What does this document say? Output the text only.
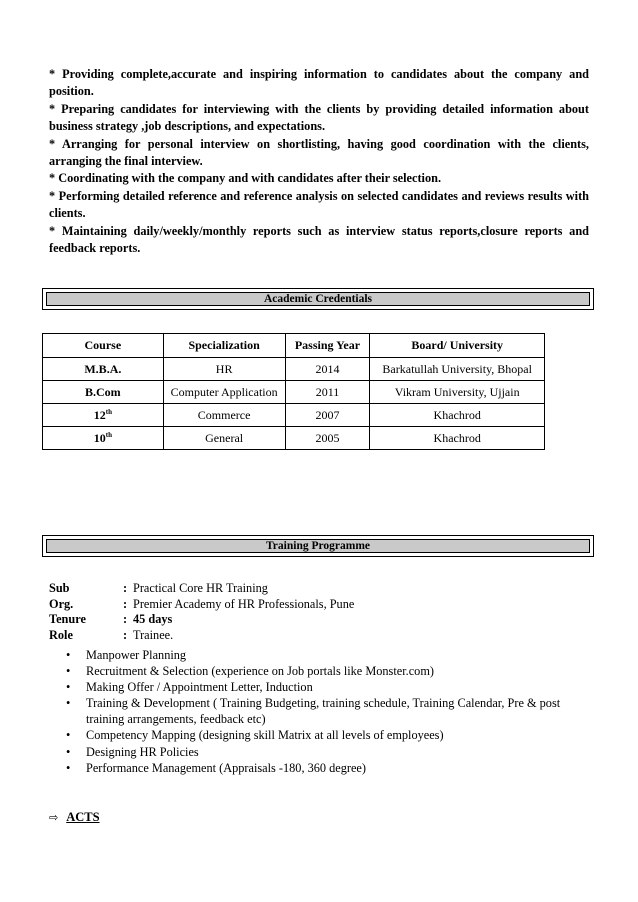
* Providing complete,accurate and inspiring information to candidates about the company and position.

* Preparing candidates for interviewing with the clients by providing detailed information about business strategy ,job descriptions, and expectations.

* Arranging for personal interview on shortlisting, having good coordination with the clients, arranging the final interview.

* Coordinating with the company and with candidates after their selection.

* Performing detailed reference and reference analysis on selected candidates and reviews results with clients.

* Maintaining daily/weekly/monthly reports such as interview status reports,closure reports and feedback reports.

Academic Credentials
Course	Specialization	Passing Year	Board/ University
M.B.A.	HR	2014	Barkatullah University, Bhopal
B.Com	Computer Application	2011	Vikram University, Ujjain
12th	Commerce	2007	Khachrod
10th	General	2005	Khachrod
Training Programme
Sub	: Practical Core HR Training
Org.	: Premier Academy of HR Professionals, Pune
Tenure	: 45 days
Role	: Trainee.
• Manpower Planning
• Recruitment & Selection (experience on Job portals like Monster.com)
• Making Offer / Appointment Letter, Induction
• Training & Development ( Training Budgeting, training schedule, Training Calendar, Pre & post training arrangements, feedback etc)
• Competency Mapping (designing skill Matrix at all levels of employees)
• Designing HR Policies
• Performance Management (Appraisals -180, 360 degree)
⇨ ACTS
